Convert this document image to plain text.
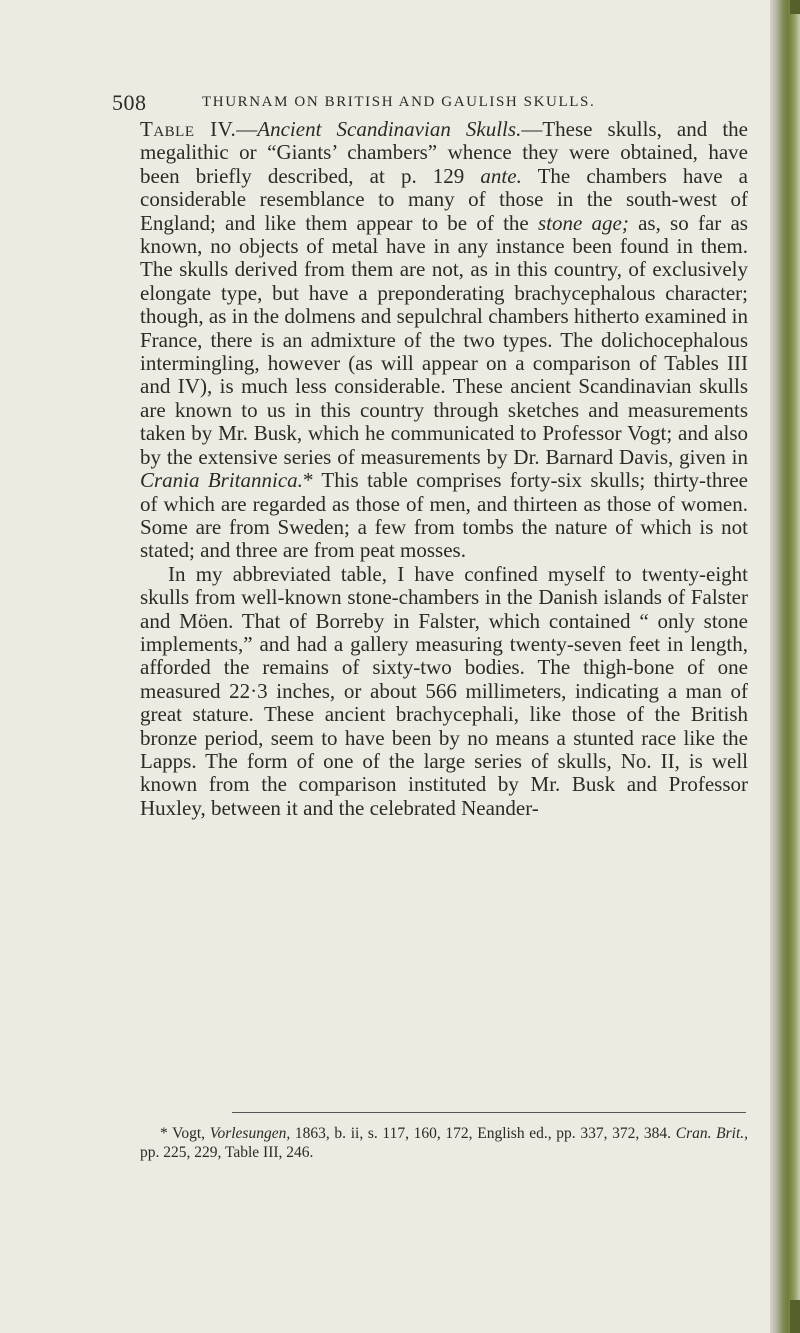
508	THURNAM ON BRITISH AND GAULISH SKULLS.

Table IV.—Ancient Scandinavian Skulls.—These skulls, and the megalithic or “Giants’ chambers” whence they were obtained, have been briefly described, at p. 129 ante. The chambers have a considerable resemblance to many of those in the south-west of England; and like them appear to be of the stone age; as, so far as known, no objects of metal have in any instance been found in them. The skulls derived from them are not, as in this country, of exclusively elongate type, but have a preponderating brachycephalous character; though, as in the dolmens and sepulchral chambers hitherto examined in France, there is an admixture of the two types. The dolichocephalous intermingling, however (as will appear on a comparison of Tables III and IV), is much less considerable. These ancient Scandinavian skulls are known to us in this country through sketches and measurements taken by Mr. Busk, which he communicated to Professor Vogt; and also by the extensive series of measurements by Dr. Barnard Davis, given in Crania Britannica.* This table comprises forty-six skulls; thirty-three of which are regarded as those of men, and thirteen as those of women. Some are from Sweden; a few from tombs the nature of which is not stated; and three are from peat mosses.

In my abbreviated table, I have confined myself to twenty-eight skulls from well-known stone-chambers in the Danish islands of Falster and Möen. That of Borreby in Falster, which contained “ only stone implements,” and had a gallery measuring twenty-seven feet in length, afforded the remains of sixty-two bodies. The thigh-bone of one measured 22·3 inches, or about 566 millimeters, indicating a man of great stature. These ancient brachycephali, like those of the British bronze period, seem to have been by no means a stunted race like the Lapps. The form of one of the large series of skulls, No. II, is well known from the comparison instituted by Mr. Busk and Professor Huxley, between it and the celebrated Neander-

* Vogt, Vorlesungen, 1863, b. ii, s. 117, 160, 172, English ed., pp. 337, 372, 384. Cran. Brit., pp. 225, 229, Table III, 246.
